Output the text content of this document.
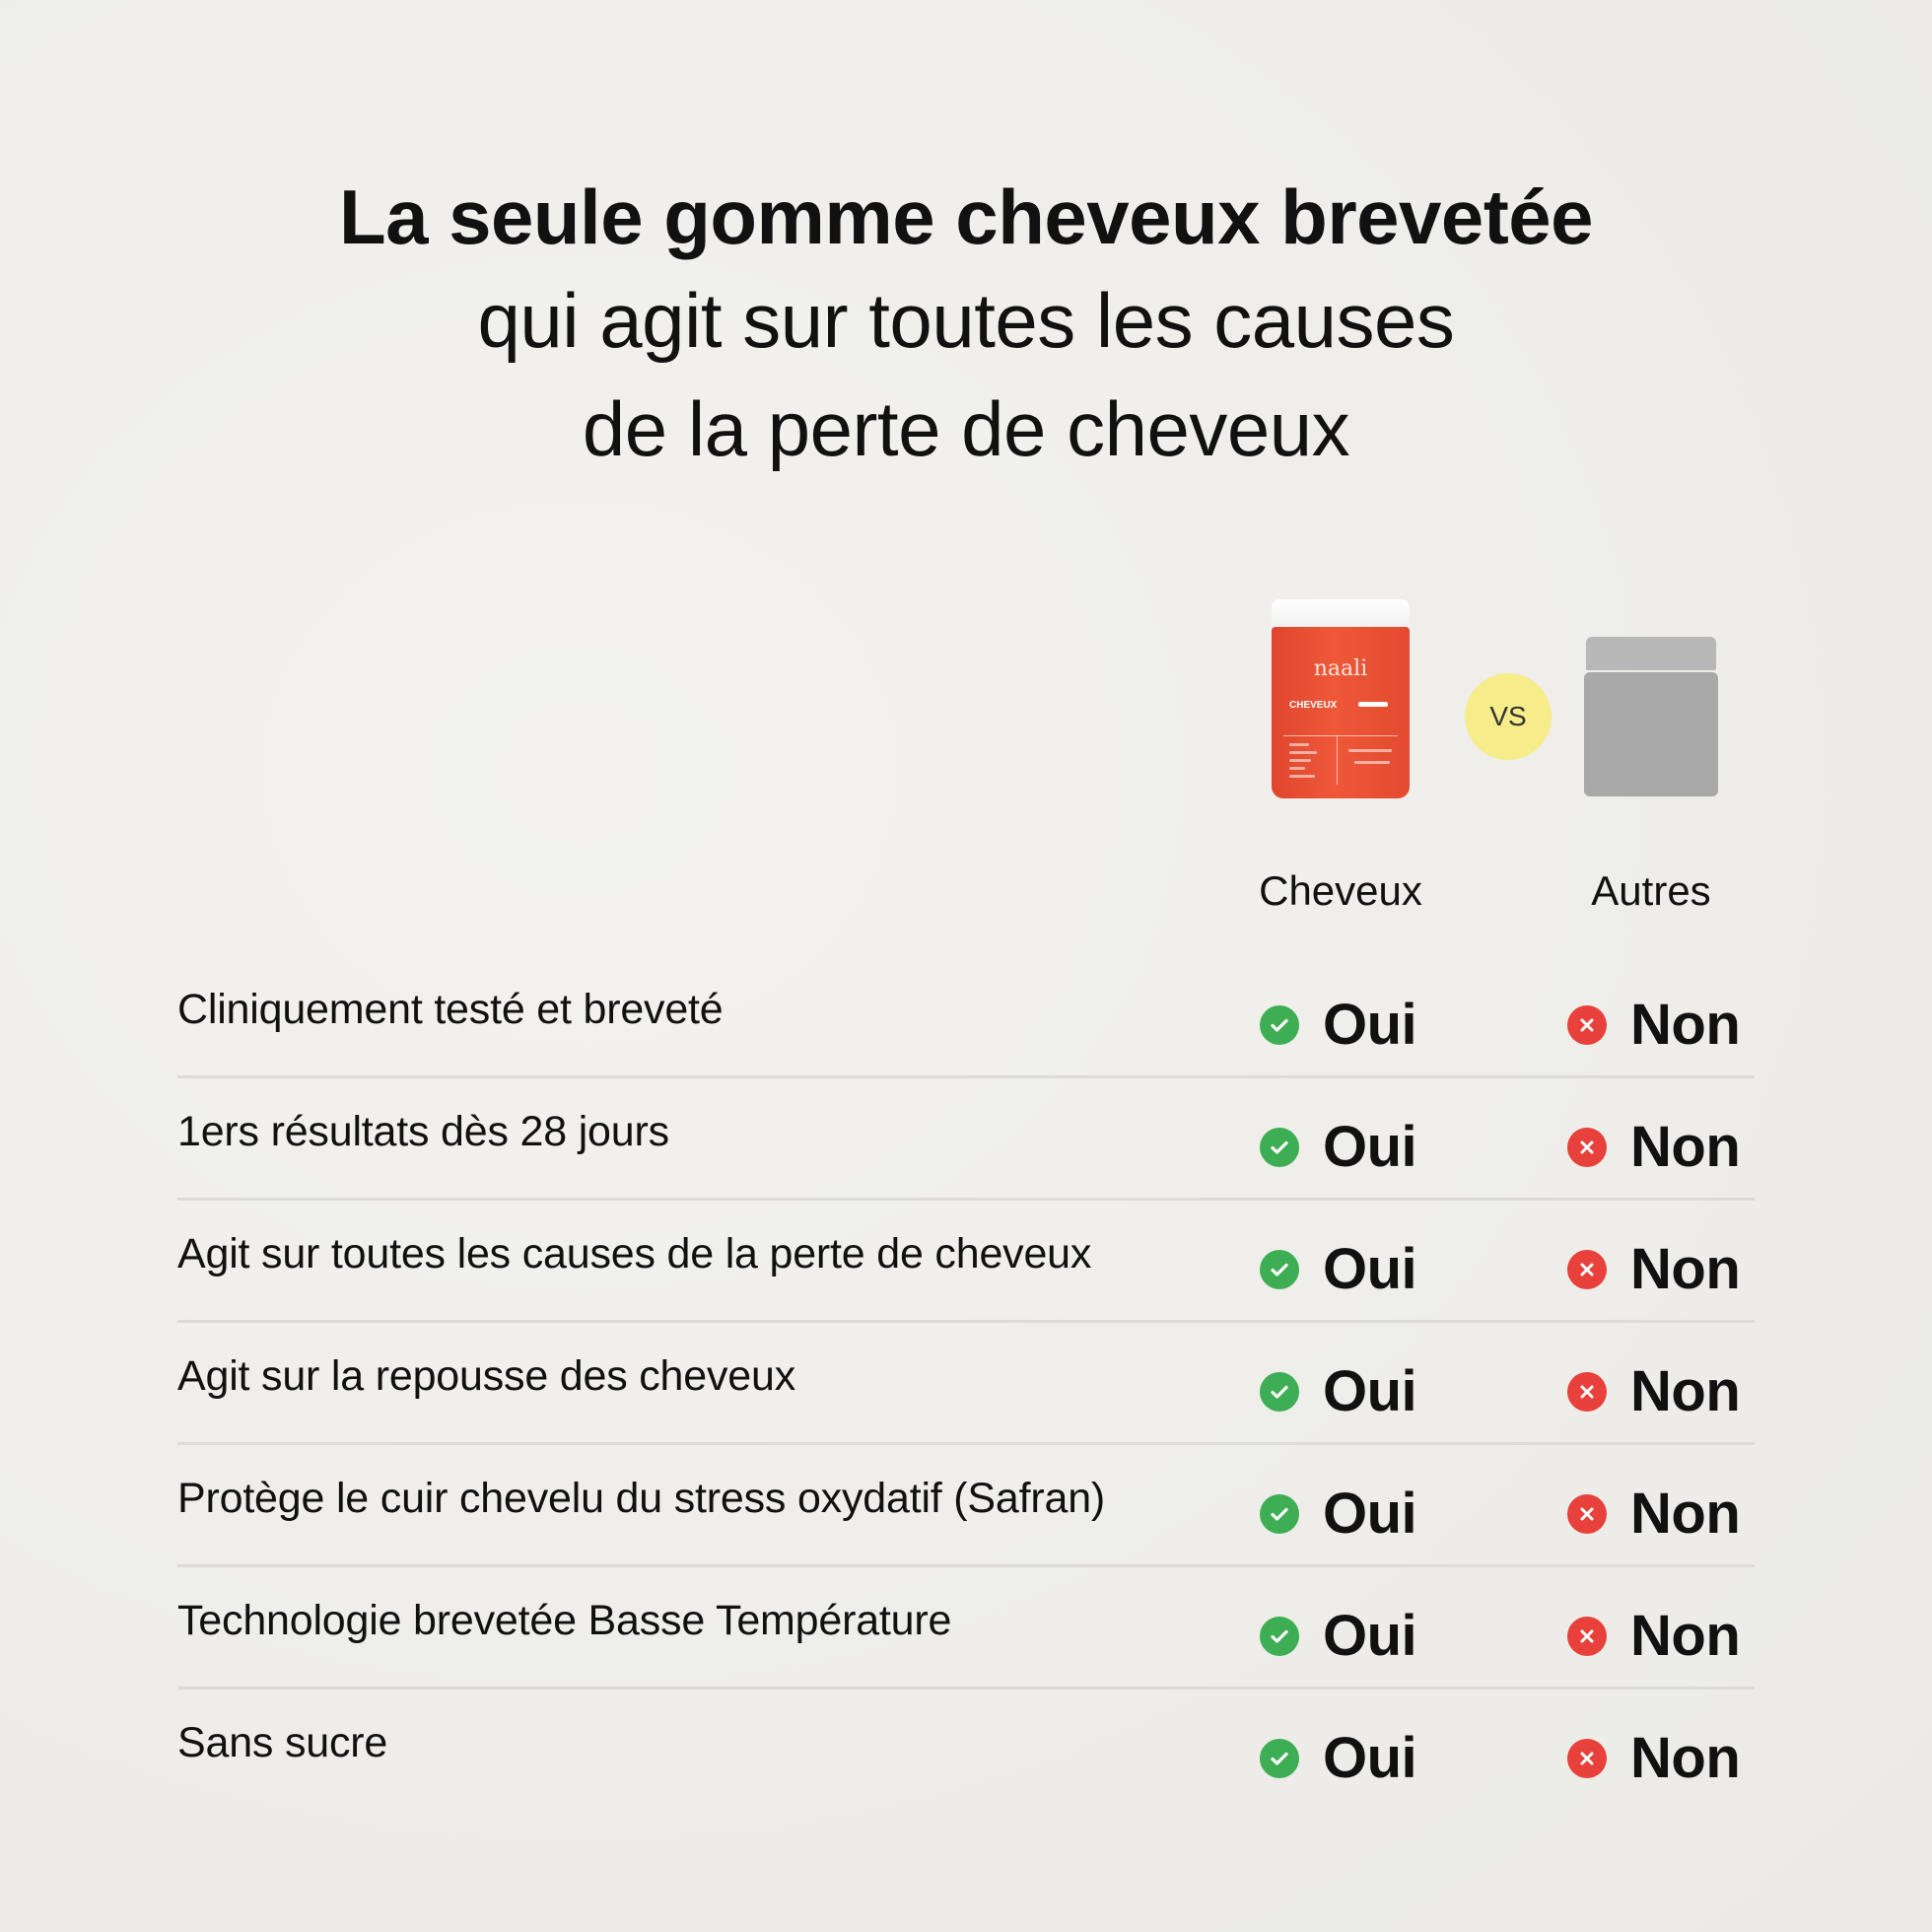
La seule gomme cheveux brevetée
qui agit sur toutes les causes
de la perte de cheveux
naali
CHEVEUX	VS
Cheveux	Autres
Cliniquement testé et breveté	Oui	Non
1ers résultats dès 28 jours	Oui	Non
Agit sur toutes les causes de la perte de cheveux	Oui	Non
Agit sur la repousse des cheveux	Oui	Non
Protège le cuir chevelu du stress oxydatif (Safran)	Oui	Non
Technologie brevetée Basse Température	Oui	Non
Sans sucre	Oui	Non
